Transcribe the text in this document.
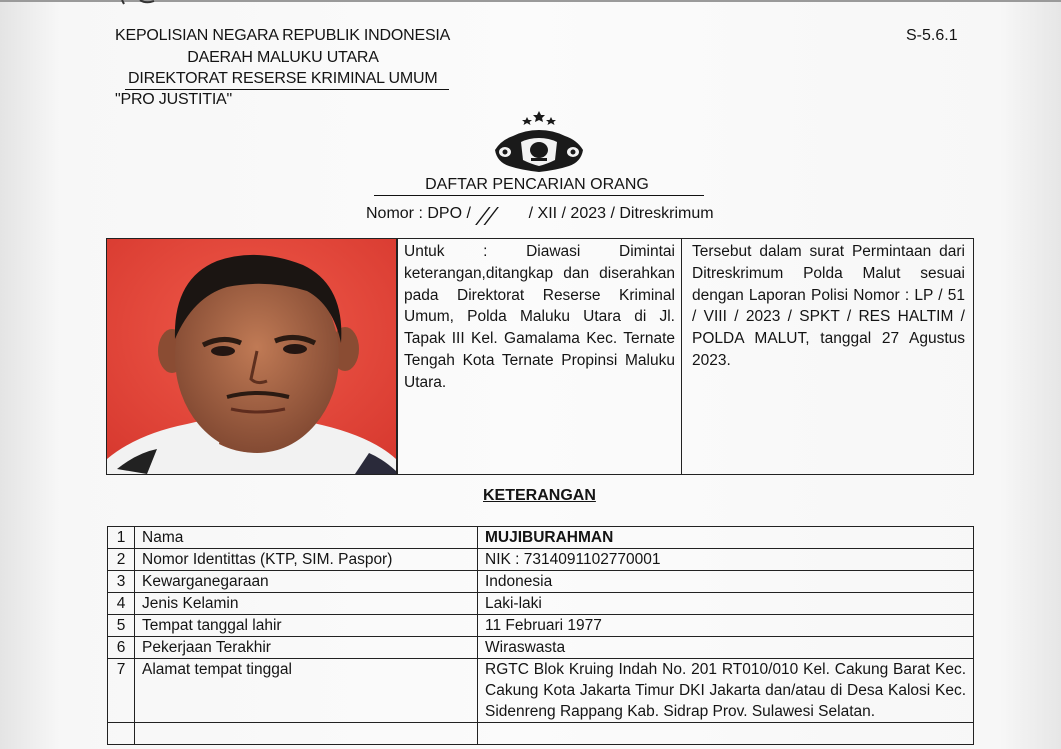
KEPOLISIAN NEGARA REPUBLIK INDONESIA
DAERAH MALUKU UTARA
DIREKTORAT RESERSE KRIMINAL UMUM
"PRO JUSTITIA"
S-5.6.1
DAFTAR PENCARIAN ORANG
Nomor : DPO / // / XII / 2023 / Ditreskrimum
Untuk : Diawasi Dimintai keterangan,ditangkap dan diserahkan pada Direktorat Reserse Kriminal Umum, Polda Maluku Utara di Jl. Tapak III Kel. Gamalama Kec. Ternate Tengah Kota Ternate Propinsi Maluku Utara.
Tersebut dalam surat Permintaan dari Ditreskrimum Polda Malut sesuai dengan Laporan Polisi Nomor : LP / 51 / VIII / 2023 / SPKT / RES HALTIM / POLDA MALUT, tanggal 27 Agustus 2023.
KETERANGAN
1	Nama	MUJIBURAHMAN
2	Nomor Identittas (KTP, SIM. Paspor)	NIK : 7314091102770001
3	Kewarganegaraan	Indonesia
4	Jenis Kelamin	Laki-laki
5	Tempat tanggal lahir	11 Februari 1977
6	Pekerjaan Terakhir	Wiraswasta
7	Alamat tempat tinggal	RGTC Blok Kruing Indah No. 201 RT010/010 Kel. Cakung Barat Kec. Cakung Kota Jakarta Timur DKI Jakarta dan/atau di Desa Kalosi Kec. Sidenreng Rappang Kab. Sidrap Prov. Sulawesi Selatan.
